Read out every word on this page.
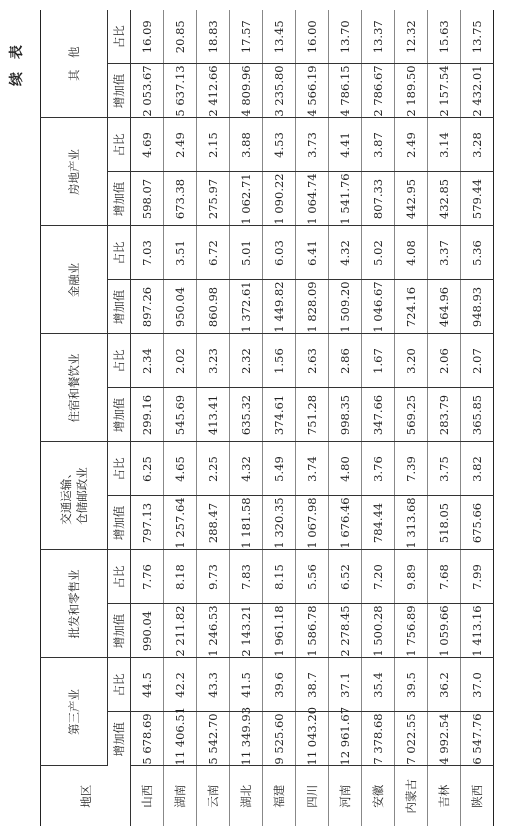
续 表
地区	第三产业		批发和零售业		交通运输、
仓储邮政业		住宿和餐饮业		金融业		房地产业		其　他	

	增加值	占比	增加值	占比	增加值	占比	增加值	占比	增加值	占比	增加值	占比	增加值	占比
山西	5 678.69	44.5	990.04	7.76	797.13	6.25	299.16	2.34	897.26	7.03	598.07	4.69	2 053.67	16.09
湖南	11 406.51	42.2	2 211.82	8.18	1 257.64	4.65	545.69	2.02	950.04	3.51	673.38	2.49	5 637.13	20.85
云南	5 542.70	43.3	1 246.53	9.73	288.47	2.25	413.41	3.23	860.98	6.72	275.97	2.15	2 412.66	18.83
湖北	11 349.93	41.5	2 143.21	7.83	1 181.58	4.32	635.32	2.32	1 372.61	5.01	1 062.71	3.88	4 809.96	17.57
福建	9 525.60	39.6	1 961.18	8.15	1 320.35	5.49	374.61	1.56	1 449.82	6.03	1 090.22	4.53	3 235.80	13.45
四川	11 043.20	38.7	1 586.78	5.56	1 067.98	3.74	751.28	2.63	1 828.09	6.41	1 064.74	3.73	4 566.19	16.00
河南	12 961.67	37.1	2 278.45	6.52	1 676.46	4.80	998.35	2.86	1 509.20	4.32	1 541.76	4.41	4 786.15	13.70
安徽	7 378.68	35.4	1 500.28	7.20	784.44	3.76	347.66	1.67	1 046.67	5.02	807.33	3.87	2 786.67	13.37
内蒙古	7 022.55	39.5	1 756.89	9.89	1 313.68	7.39	569.25	3.20	724.16	4.08	442.95	2.49	2 189.50	12.32
吉林	4 992.54	36.2	1 059.66	7.68	518.05	3.75	283.79	2.06	464.96	3.37	432.85	3.14	2 157.54	15.63
陕西	6 547.76	37.0	1 413.16	7.99	675.66	3.82	365.85	2.07	948.93	5.36	579.44	3.28	2 432.01	13.75
